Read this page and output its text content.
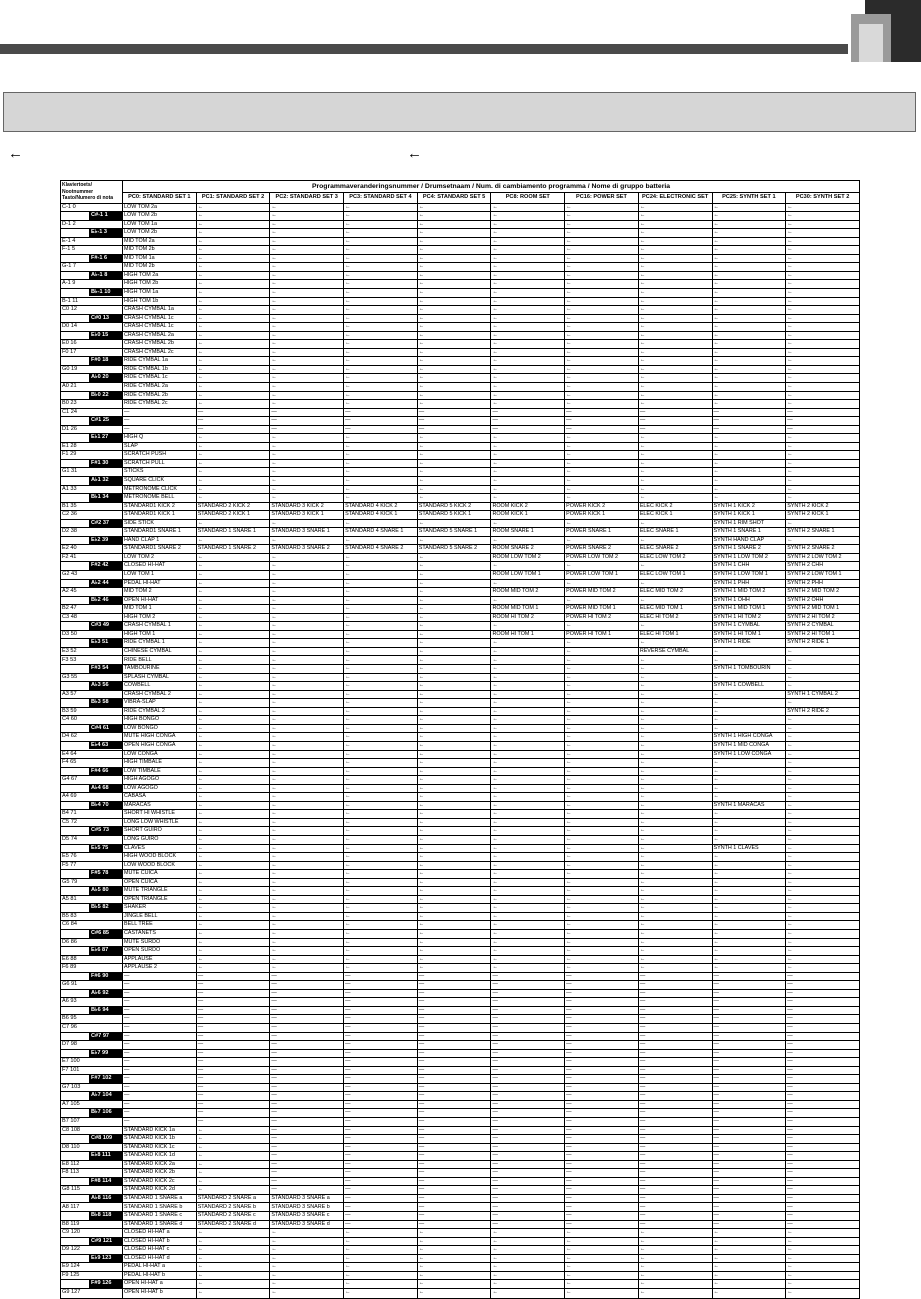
←	←
Klaviertoets/ Nootnummer Tasto/Numero di nota	Programmaveranderingsnummer / Drumsetnaam / Num. di cambiamento programma / Nome di gruppo batteria									
	PC0: STANDARD SET 1	PC1: STANDARD SET 2	PC2: STANDARD SET 3	PC3: STANDARD SET 4	PC4: STANDARD SET 5	PC8: ROOM SET	PC16: POWER SET	PC24: ELECTRONIC SET	PC25: SYNTH SET 1	PC30: SYNTH SET 2

C-1 0	LOW TOM 2a	←	←	←	←	←	←	←	←	←

C#-1 1	LOW TOM 2b	←	←	←	←	←	←	←	←	←

D-1 2	LOW TOM 1a	←	←	←	←	←	←	←	←	←

E♭-1 3	LOW TOM 2b	←	←	←	←	←	←	←	←	←

E-1 4	MID TOM 2a	←	←	←	←	←	←	←	←	←

F-1 5	MID TOM 2b	←	←	←	←	←	←	←	←	←

F#-1 6	MID TOM 1a	←	←	←	←	←	←	←	←	←

G-1 7	MID TOM 2b	←	←	←	←	←	←	←	←	←

A♭-1 8	HIGH TOM 2a	←	←	←	←	←	←	←	←	←

A-1 9	HIGH TOM 2b	←	←	←	←	←	←	←	←	←

B♭-1 10	HIGH TOM 1a	←	←	←	←	←	←	←	←	←

B-1 11	HIGH TOM 1b	←	←	←	←	←	←	←	←	←

C0 12	CRASH CYMBAL 1a	←	←	←	←	←	←	←	←	←

C#0 13	CRASH CYMBAL 1c	←	←	←	←	←	←	←	←	←

D0 14	CRASH CYMBAL 1c	←	←	←	←	←	←	←	←	←

E♭0 15	CRASH CYMBAL 2a	←	←	←	←	←	←	←	←	←

E0 16	CRASH CYMBAL 2b	←	←	←	←	←	←	←	←	←

F0 17	CRASH CYMBAL 2c	←	←	←	←	←	←	←	←	←

F#0 18	RIDE CYMBAL 1a	←	←	←	←	←	←	←	←	←

G0 19	RIDE CYMBAL 1b	←	←	←	←	←	←	←	←	←

A♭0 20	RIDE CYMBAL 1c	←	←	←	←	←	←	←	←	←

A0 21	RIDE CYMBAL 2a	←	←	←	←	←	←	←	←	←

B♭0 22	RIDE CYMBAL 2b	←	←	←	←	←	←	←	←	←

B0 23	RIDE CYMBAL 2c	←	←	←	←	←	←	←	←	←

C1 24	—	—	—	—	—	—	—	—	—	—

C#1 25	—	—	—	—	—	—	—	—	—	—

D1 26	—	—	—	—	—	—	—	—	—	—

E♭1 27	HIGH Q	←	←	←	←	←	←	←	←	←

E1 28	SLAP	←	←	←	←	←	←	←	←	←

F1 29	SCRATCH PUSH	←	←	←	←	←	←	←	←	←

F#1 30	SCRATCH PULL	←	←	←	←	←	←	←	←	←

G1 31	STICKS	←	←	←	←	←	←	←	←	←

A♭1 32	SQUARE CLICK	←	←	←	←	←	←	←	←	←

A1 33	METRONOME CLICK	←	←	←	←	←	←	←	←	←

B♭1 34	METRONOME BELL	←	←	←	←	←	←	←	←	←

B1 35	STANDARD1 KICK 2	STANDARD 2 KICK 2	STANDARD 3 KICK 2	STANDARD 4 KICK 2	STANDARD 5 KICK 2	ROOM KICK 2	POWER KICK 2	ELEC KICK 2	SYNTH 1 KICK 2	SYNTH 2 KICK 2

C2 36	STANDARD1 KICK 1	STANDARD 2 KICK 1	STANDARD 3 KICK 1	STANDARD 4 KICK 1	STANDARD 5 KICK 1	ROOM KICK 1	POWER KICK 1	ELEC KICK 1	SYNTH 1 KICK 1	SYNTH 2 KICK 1

C#2 37	SIDE STICK	←	←	←	←	←	←	←	SYNTH 1 RIM SHOT	←

D2 38	STANDARD1 SNARE 1	STANDARD 1 SNARE 1	STANDARD 3 SNARE 1	STANDARD 4 SNARE 1	STANDARD 5 SNARE 1	ROOM SNARE 1	POWER SNARE 1	ELEC SNARE 1	SYNTH 1 SNARE 1	SYNTH 2 SNARE 1

E♭2 39	HAND CLAP 1	←	←	←	←	←	←	←	SYNTH HAND CLAP	←

E2 40	STANDARD1 SNARE 2	STANDARD 1 SNARE 2	STANDARD 3 SNARE 2	STANDARD 4 SNARE 2	STANDARD 5 SNARE 2	ROOM SNARE 2	POWER SNARE 2	ELEC SNARE 2	SYNTH 1 SNARE 2	SYNTH 2 SNARE 2

F2 41	LOW TOM 2	←	←	←	←	ROOM LOW TOM 2	POWER LOW TOM 2	ELEC LOW TOM 2	SYNTH 1 LOW TOM 2	SYNTH 2 LOW TOM 2

F#2 42	CLOSED HI-HAT	←	←	←	←	←	←	←	SYNTH 1 CHH	SYNTH 2 CHH

G2 43	LOW TOM 1	←	←	←	←	ROOM LOW TOM 1	POWER LOW TOM 1	ELEC LOW TOM 1	SYNTH 1 LOW TOM 1	SYNTH 2 LOW TOM 1

A♭2 44	PEDAL HI-HAT	←	←	←	←	←	←	←	SYNTH 1 PHH	SYNTH 2 PHH

A2 45	MID TOM 2	←	←	←	←	ROOM MID TOM 2	POWER MID TOM 2	ELEC MID TOM 2	SYNTH 1 MID TOM 2	SYNTH 2 MID TOM 2

B♭2 46	OPEN HI-HAT	←	←	←	←	←	←	←	SYNTH 1 OHH	SYNTH 2 OHH

B2 47	MID TOM 1	←	←	←	←	ROOM MID TOM 1	POWER MID TOM 1	ELEC MID TOM 1	SYNTH 1 MID TOM 1	SYNTH 2 MID TOM 1

C3 48	HIGH TOM 2	←	←	←	←	ROOM HI TOM 2	POWER HI TOM 2	ELEC HI TOM 2	SYNTH 1 HI TOM 2	SYNTH 2 HI TOM 2

C#3 49	CRASH CYMBAL 1	←	←	←	←	←	←	←	SYNTH 1 CYMBAL	SYNTH 2 CYMBAL

D3 50	HIGH TOM 1	←	←	←	←	ROOM HI TOM 1	POWER HI TOM 1	ELEC HI TOM 1	SYNTH 1 HI TOM 1	SYNTH 2 HI TOM 1

E♭3 51	RIDE CYMBAL 1	←	←	←	←	←	←	←	SYNTH 1 RIDE	SYNTH 2 RIDE 1

E3 52	CHINESE CYMBAL	←	←	←	←	←	←	REVERSE CYMBAL	←	←

F3 53	RIDE BELL	←	←	←	←	←	←	←	←	←

F#3 54	TAMBOURINE	←	←	←	←	←	←	←	SYNTH 1 TOMBOURIN	←

G3 55	SPLASH CYMBAL	←	←	←	←	←	←	←	←	←

A♭3 56	COWBELL	←	←	←	←	←	←	←	SYNTH 1 COWBELL	←

A3 57	CRASH CYMBAL 2	←	←	←	←	←	←	←	←	SYNTH 1 CYMBAL 2

B♭3 58	VIBRA-SLAP	←	←	←	←	←	←	←	←	←

B3 59	RIDE CYMBAL 2	←	←	←	←	←	←	←	←	SYNTH 2 RIDE 2

C4 60	HIGH BONGO	←	←	←	←	←	←	←	←	←

C#4 61	LOW BONGO	←	←	←	←	←	←	←	←	←

D4 62	MUTE HIGH CONGA	←	←	←	←	←	←	←	SYNTH 1 HIGH CONGA	←

E♭4 63	OPEN HIGH CONGA	←	←	←	←	←	←	←	SYNTH 1 MID CONGA	←

E4 64	LOW CONGA	←	←	←	←	←	←	←	SYNTH 1 LOW CONGA	←

F4 65	HIGH TIMBALE	←	←	←	←	←	←	←	←	←

F#4 66	LOW TIMBALE	←	←	←	←	←	←	←	←	←

G4 67	HIGH AGOGO	←	←	←	←	←	←	←	←	←

A♭4 68	LOW AGOGO	←	←	←	←	←	←	←	←	←

A4 69	CABASA	←	←	←	←	←	←	←	←	←

B♭4 70	MARACAS	←	←	←	←	←	←	←	SYNTH 1 MARACAS	←

B4 71	SHORT HI WHISTLE	←	←	←	←	←	←	←	←	←

C5 72	LONG LOW WHISTLE	←	←	←	←	←	←	←	←	←

C#5 73	SHORT GUIRO	←	←	←	←	←	←	←	←	←

D5 74	LONG GUIRO	←	←	←	←	←	←	←	←	←

E♭5 75	CLAVES	←	←	←	←	←	←	←	SYNTH 1 CLAVES	←

E5 76	HIGH WOOD BLOCK	←	←	←	←	←	←	←	←	←

F5 77	LOW WOOD BLOCK	←	←	←	←	←	←	←	←	←

F#5 78	MUTE CUICA	←	←	←	←	←	←	←	←	←

G5 79	OPEN CUICA	←	←	←	←	←	←	←	←	←

A♭5 80	MUTE TRIANGLE	←	←	←	←	←	←	←	←	←

A5 81	OPEN TRIANGLE	←	←	←	←	←	←	←	←	←

B♭5 82	SHAKER	←	←	←	←	←	←	←	←	←

B5 83	JINGLE BELL	←	←	←	←	←	←	←	←	←

C6 84	BELL TREE	←	←	←	←	←	←	←	←	←

C#6 85	CASTANETS	←	←	←	←	←	←	←	←	←

D6 86	MUTE SURDO	←	←	←	←	←	←	←	←	←

E♭6 87	OPEN SURDO	←	←	←	←	←	←	←	←	←

E6 88	APPLAUSE	←	←	←	←	←	←	←	←	←

F6 89	APPLAUSE 2	←	←	←	←	←	←	←	←	←

F#6 90	—	—	—	—	—	—	—	—	—	—

G6 91	—	—	—	—	—	—	—	—	—	—

A♭6 92	—	—	—	—	—	—	—	—	—	—

A6 93	—	—	—	—	—	—	—	—	—	—

B♭6 94	—	—	—	—	—	—	—	—	—	—

B6 95	—	—	—	—	—	—	—	—	—	—

C7 96	—	—	—	—	—	—	—	—	—	—

C#7 97	—	—	—	—	—	—	—	—	—	—

D7 98	—	—	—	—	—	—	—	—	—	—

E♭7 99	—	—	—	—	—	—	—	—	—	—

E7 100	—	—	—	—	—	—	—	—	—	—

F7 101	—	—	—	—	—	—	—	—	—	—

F#7 102	—	—	—	—	—	—	—	—	—	—

G7 103	—	—	—	—	—	—	—	—	—	—

A♭7 104	—	—	—	—	—	—	—	—	—	—

A7 105	—	—	—	—	—	—	—	—	—	—

B♭7 106	—	—	—	—	—	—	—	—	—	—

B7 107	—	—	—	—	—	—	—	—	—	—

C8 108	STANDARD KICK 1a	←	—	—	—	—	—	—	—	—

C#8 109	STANDARD KICK 1b	←	—	—	—	—	—	—	—	—

D8 110	STANDARD KICK 1c	←	—	—	—	—	—	—	—	—

E♭8 111	STANDARD KICK 1d	←	—	—	—	—	—	—	—	—

E8 112	STANDARD KICK 2a	←	—	—	—	—	—	—	—	—

F8 113	STANDARD KICK 2b	←	—	—	—	—	—	—	—	—

F#8 114	STANDARD KICK 2c	←	—	—	—	—	—	—	—	—

G8 115	STANDARD KICK 2d	←	—	—	—	—	—	—	—	—

A♭8 116	STANDARD 1 SNARE a	STANDARD 2 SNARE a	STANDARD 3 SNARE a	—	—	—	—	—	—	—

A8 117	STANDARD 1 SNARE b	STANDARD 2 SNARE b	STANDARD 3 SNARE b	—	—	—	—	—	—	—

B♭8 118	STANDARD 1 SNARE c	STANDARD 2 SNARE c	STANDARD 3 SNARE c	—	—	—	—	—	—	—

B8 119	STANDARD 1 SNARE d	STANDARD 2 SNARE d	STANDARD 3 SNARE d	—	—	—	—	—	—	—

C9 120	CLOSED HI-HAT a	←	←	←	←	←	←	←	←	←

C#9 121	CLOSED HI-HAT b	←	←	←	←	←	←	←	←	←

D9 122	CLOSED HI-HAT c	←	←	←	←	←	←	←	←	←

E♭9 123	CLOSED HI-HAT d	←	←	←	←	←	←	←	←	←

E9 124	PEDAL HI-HAT a	←	←	←	←	←	←	←	←	←

F9 125	PEDAL HI-HAT b	←	←	←	←	←	←	←	←	←

F#9 126	OPEN HI-HAT a	←	←	←	←	←	←	←	←	←

G9 127	OPEN HI-HAT b	←	←	←	←	←	←	←	←	←
